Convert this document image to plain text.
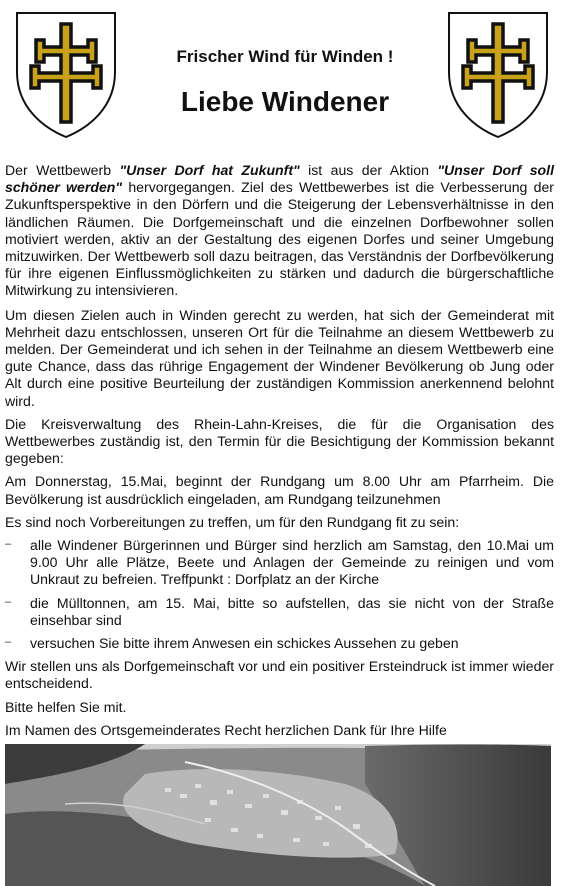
Frischer Wind für Winden !
Liebe Windener

Der Wettbewerb "Unser Dorf hat Zukunft" ist aus der Aktion "Unser Dorf soll schöner werden" hervorgegangen. Ziel des Wettbewerbes ist die Verbesserung der Zukunftsperspektive in den Dörfern und die Steigerung der Lebensverhältnisse in den ländlichen Räumen. Die Dorfgemeinschaft und die einzelnen Dorfbewohner sollen motiviert werden, aktiv an der Gestaltung des eigenen Dorfes und seiner Umgebung mitzuwirken. Der Wettbewerb soll dazu beitragen, das Verständnis der Dorfbevölkerung für ihre eigenen Einflussmöglichkeiten zu stärken und dadurch die bürgerschaftliche Mitwirkung zu intensivieren.

Um diesen Zielen auch in Winden gerecht zu werden, hat sich der Gemeinderat mit Mehrheit dazu entschlossen, unseren Ort für die Teilnahme an diesem Wettbewerb zu melden. Der Gemeinderat und ich sehen in der Teilnahme an diesem Wettbewerb eine gute Chance, dass das rührige Engagement der Windener Bevölkerung ob Jung oder Alt durch eine positive Beurteilung der zuständigen Kommission anerkennend belohnt wird.

Die Kreisverwaltung des Rhein-Lahn-Kreises, die für die Organisation des Wettbewerbes zuständig ist, den Termin für die Besichtigung der Kommission bekannt gegeben:

Am Donnerstag, 15.Mai, beginnt der Rundgang um 8.00 Uhr am Pfarrheim. Die Bevölkerung ist ausdrücklich eingeladen, am Rundgang teilzunehmen

Es sind noch Vorbereitungen zu treffen, um für den Rundgang fit zu sein:

– alle Windener Bürgerinnen und Bürger sind herzlich am Samstag, den 10.Mai um 9.00 Uhr alle Plätze, Beete und Anlagen der Gemeinde zu reinigen und vom Unkraut zu befreien. Treffpunkt : Dorfplatz an der Kirche
– die Mülltonnen, am 15. Mai, bitte so aufstellen, das sie nicht von der Straße einsehbar sind
– versuchen Sie bitte ihrem Anwesen ein schickes Aussehen zu geben

Wir stellen uns als Dorfgemeinschaft vor und ein positiver Ersteindruck ist immer wieder entscheidend.

Bitte helfen Sie mit.

Im Namen des Ortsgemeinderates Recht herzlichen Dank für Ihre Hilfe
